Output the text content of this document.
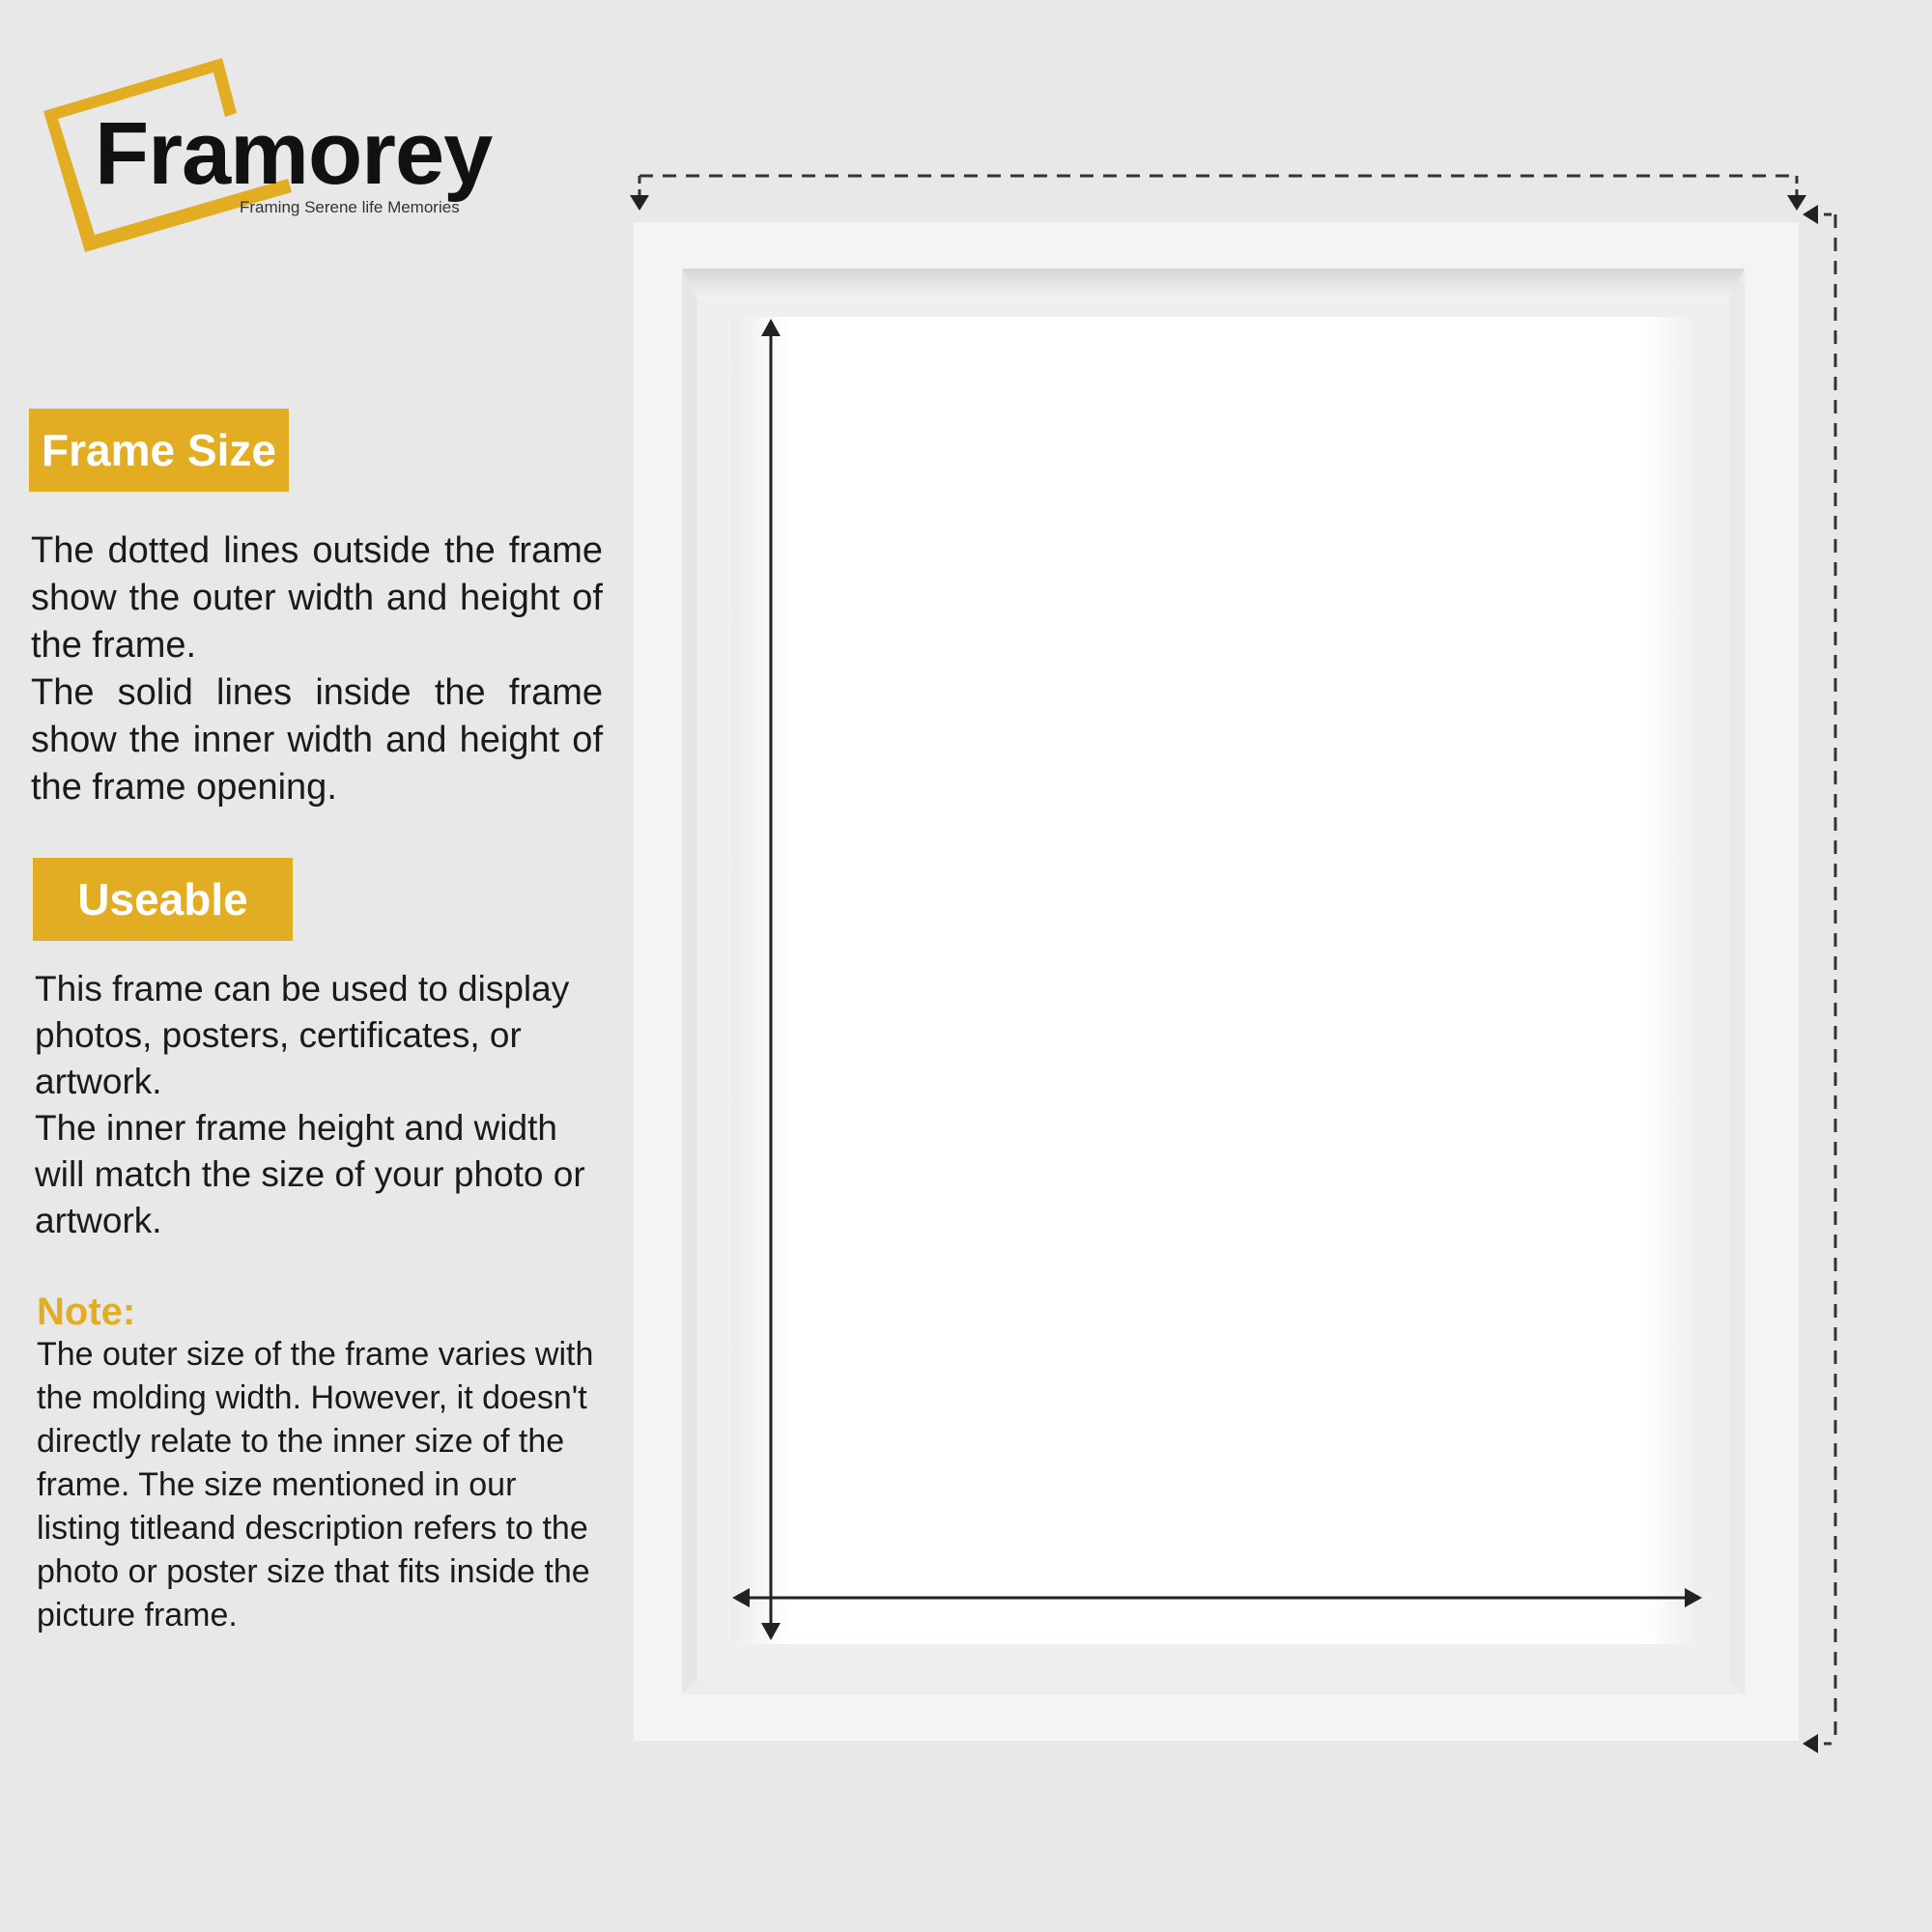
Framorey
Framing Serene life Memories
Frame Size

The dotted lines outside the frame show the outer width and height of the frame.

The solid lines inside the frame show the inner width and height of the frame opening.

Useable

This frame can be used to display photos, posters, certificates, or artwork.

The inner frame height and width will match the size of your photo or artwork.

Note:

The outer size of the frame varies with the molding width. However, it doesn't directly relate to the inner size of the frame. The size mentioned in our listing titleand description refers to the photo or poster size that fits inside the picture frame.
